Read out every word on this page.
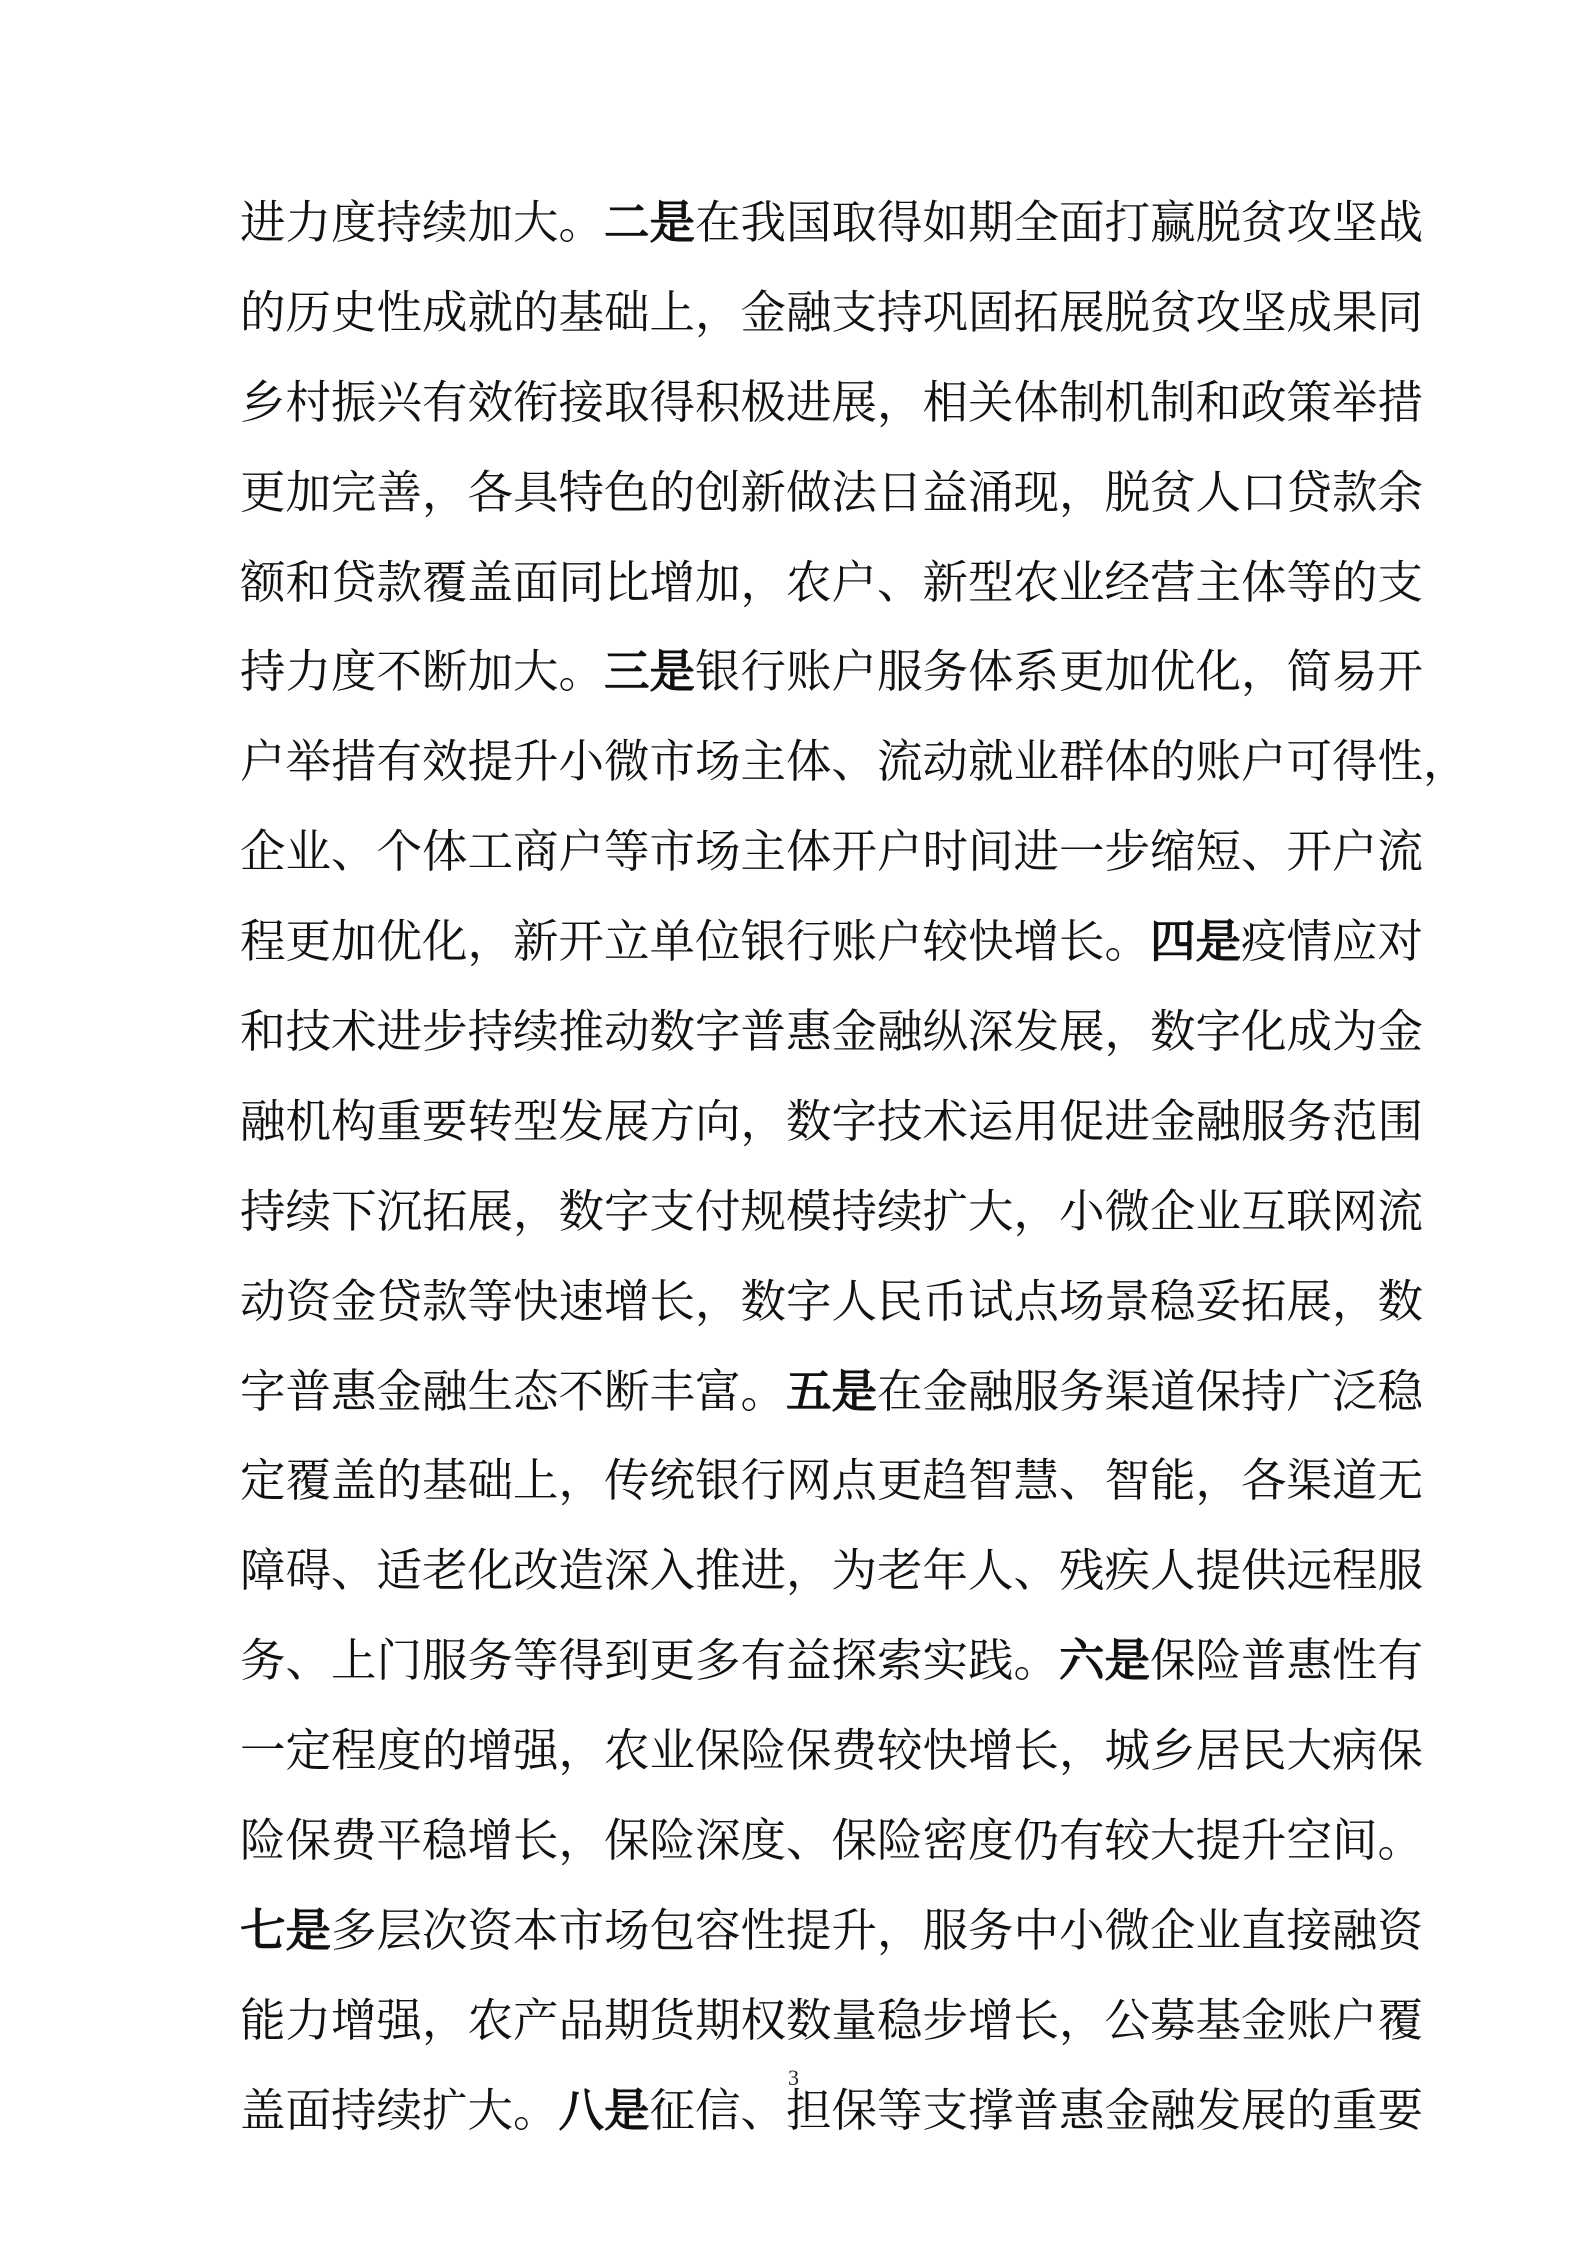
进力度持续加大。二是在我国取得如期全面打赢脱贫攻坚战
的历史性成就的基础上，金融支持巩固拓展脱贫攻坚成果同
乡村振兴有效衔接取得积极进展，相关体制机制和政策举措
更加完善，各具特色的创新做法日益涌现，脱贫人口贷款余
额和贷款覆盖面同比增加，农户、新型农业经营主体等的支
持力度不断加大。三是银行账户服务体系更加优化，简易开
户举措有效提升小微市场主体、流动就业群体的账户可得性，
企业、个体工商户等市场主体开户时间进一步缩短、开户流
程更加优化，新开立单位银行账户较快增长。四是疫情应对
和技术进步持续推动数字普惠金融纵深发展，数字化成为金
融机构重要转型发展方向，数字技术运用促进金融服务范围
持续下沉拓展，数字支付规模持续扩大，小微企业互联网流
动资金贷款等快速增长，数字人民币试点场景稳妥拓展，数
字普惠金融生态不断丰富。五是在金融服务渠道保持广泛稳
定覆盖的基础上，传统银行网点更趋智慧、智能，各渠道无
障碍、适老化改造深入推进，为老年人、残疾人提供远程服
务、上门服务等得到更多有益探索实践。六是保险普惠性有
一定程度的增强，农业保险保费较快增长，城乡居民大病保
险保费平稳增长，保险深度、保险密度仍有较大提升空间。
七是多层次资本市场包容性提升，服务中小微企业直接融资
能力增强，农产品期货期权数量稳步增长，公募基金账户覆
盖面持续扩大。八是征信、担保等支撑普惠金融发展的重要

3
